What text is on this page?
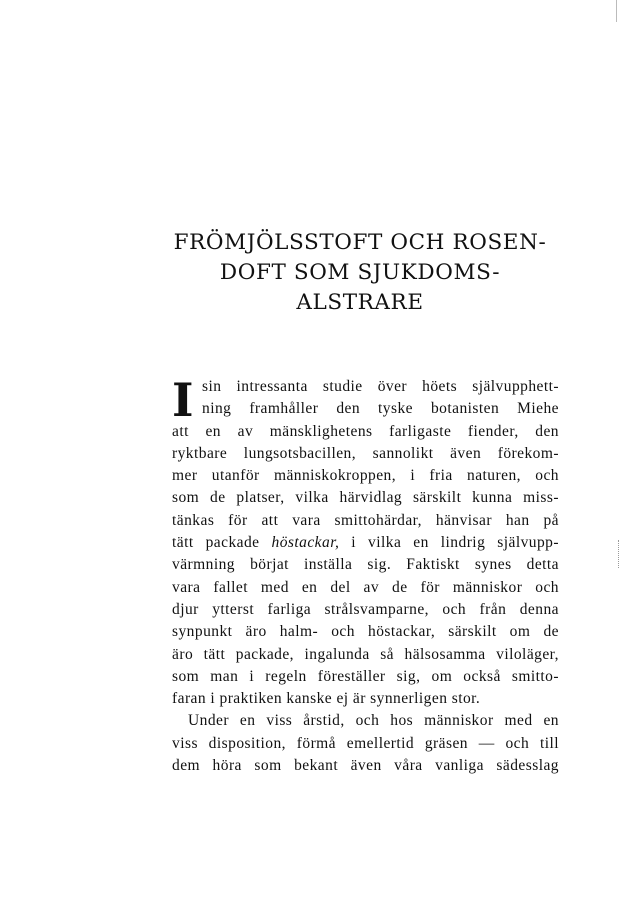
FRÖMJÖLSSTOFT OCH ROSEN-
DOFT SOM SJUKDOMS-
ALSTRARE
I sin intressanta studie över höets självupphett-
ning framhåller den tyske botanisten Miehe
att en av mänsklighetens farligaste fiender, den
ryktbare lungsotsbacillen, sannolikt även förekom-
mer utanför människokroppen, i fria naturen, och
som de platser, vilka härvidlag särskilt kunna miss-
tänkas för att vara smittohärdar, hänvisar han på
tätt packade höstackar, i vilka en lindrig självupp-
värmning börjat inställa sig. Faktiskt synes detta
vara fallet med en del av de för människor och
djur ytterst farliga strålsvamparne, och från denna
synpunkt äro halm- och höstackar, särskilt om de
äro tätt packade, ingalunda så hälsosamma viloläger,
som man i regeln föreställer sig, om också smitto-
faran i praktiken kanske ej är synnerligen stor.
Under en viss årstid, och hos människor med en
viss disposition, förmå emellertid gräsen — och till
dem höra som bekant även våra vanliga sädesslag
